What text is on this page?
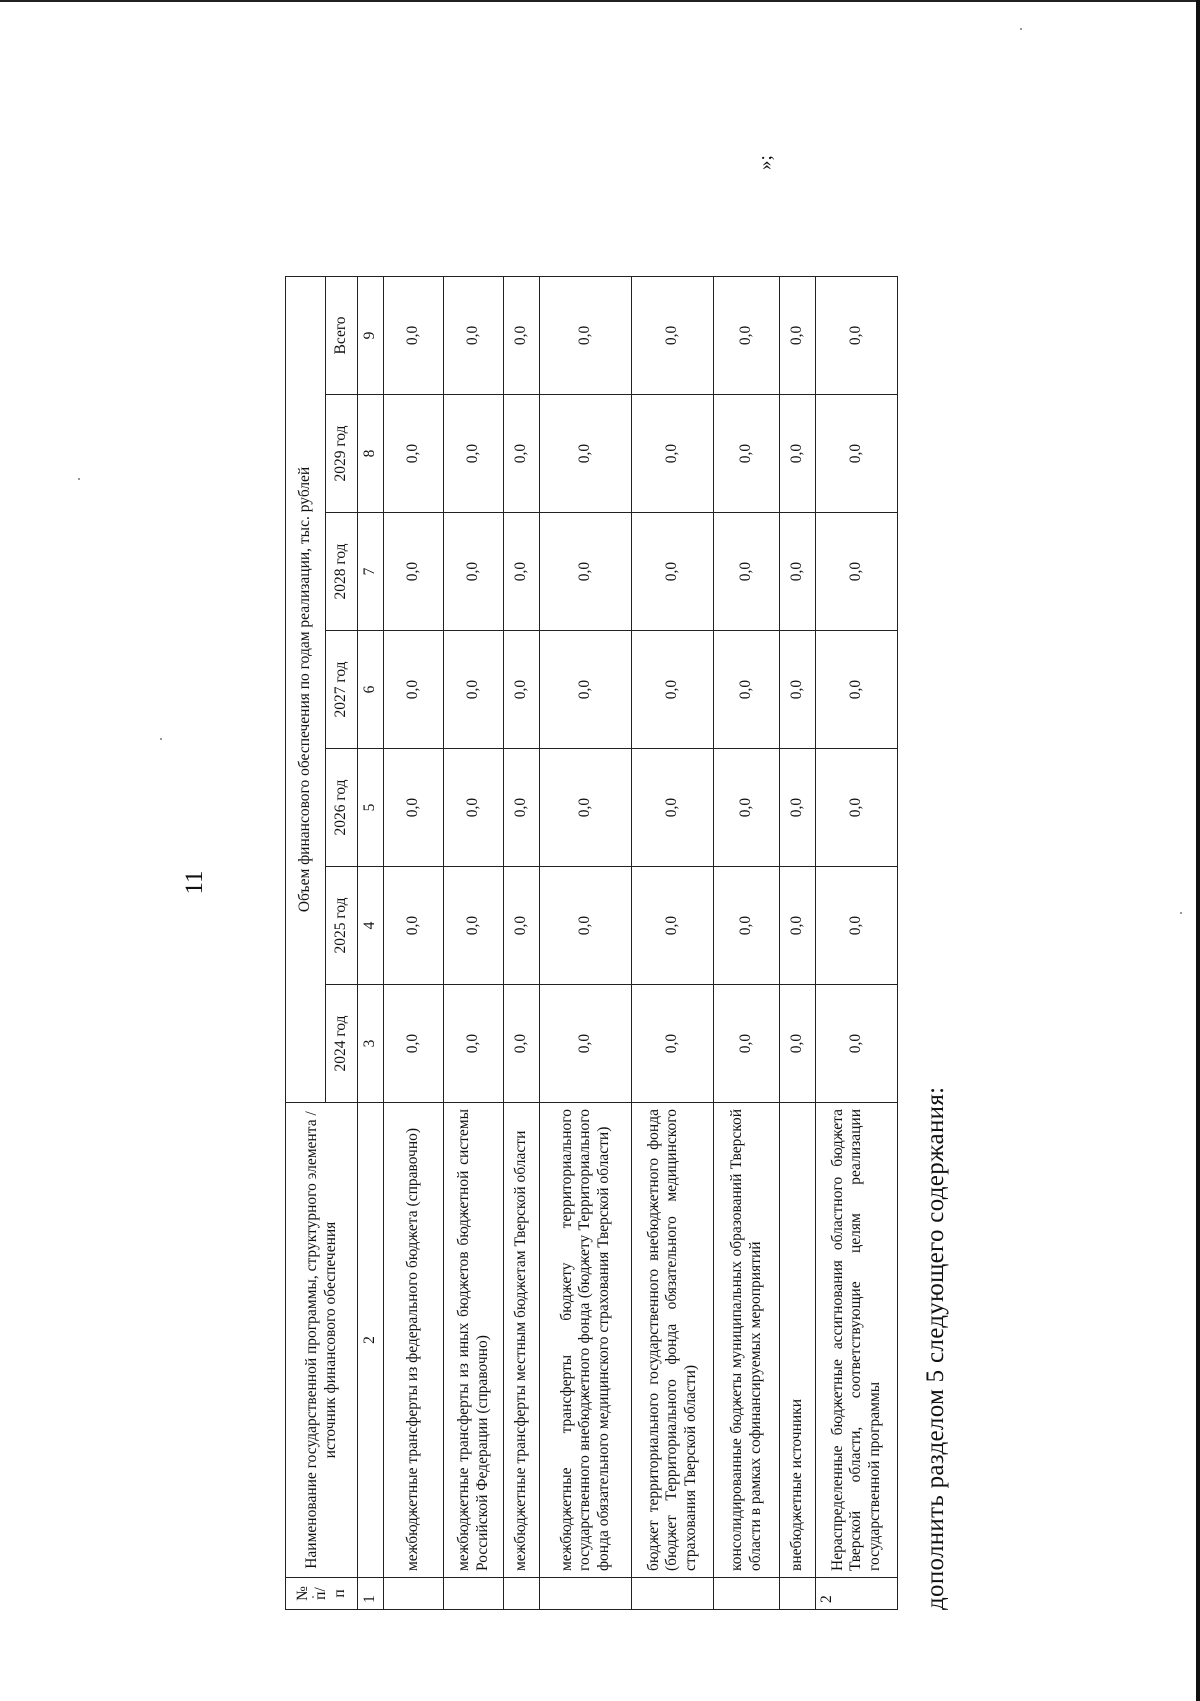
11
№ п/п	Наименование государственной программы, структурного элемента / источник финансового обеспечения	Объем финансового обеспечения по годам реализации, тыс. рублей							
		2024 год	2025 год	2026 год	2027 год	2028 год	2029 год	Всего	
1	2	3	4	5	6	7	8	9	
	межбюджетные трансферты из федерального бюджета (справочно)	0,0	0,0	0,0	0,0	0,0	0,0	0,0	
	межбюджетные трансферты из иных бюджетов бюджетной системы Российской Федерации (справочно)	0,0	0,0	0,0	0,0	0,0	0,0	0,0	
	межбюджетные трансферты местным бюджетам Тверской области	0,0	0,0	0,0	0,0	0,0	0,0	0,0	
	межбюджетные трансферты бюджету территориального государственного внебюджетного фонда (бюджету Территориального фонда обязательного медицинского страхования Тверской области)	0,0	0,0	0,0	0,0	0,0	0,0	0,0	
	бюджет территориального государственного внебюджетного фонда (бюджет Территориального фонда обязательного медицинского страхования Тверской области)	0,0	0,0	0,0	0,0	0,0	0,0	0,0	
	консолидированные бюджеты муниципальных образований Тверской области в рамках софинансируемых мероприятий	0,0	0,0	0,0	0,0	0,0	0,0	0,0	
	внебюджетные источники	0,0	0,0	0,0	0,0	0,0	0,0	0,0	
2	Нераспределенные бюджетные ассигнования областного бюджета Тверской области, соответствующие целям реализации государственной программы	0,0	0,0	0,0	0,0	0,0	0,0	0,0	
»;
дополнить разделом 5 следующего содержания:
